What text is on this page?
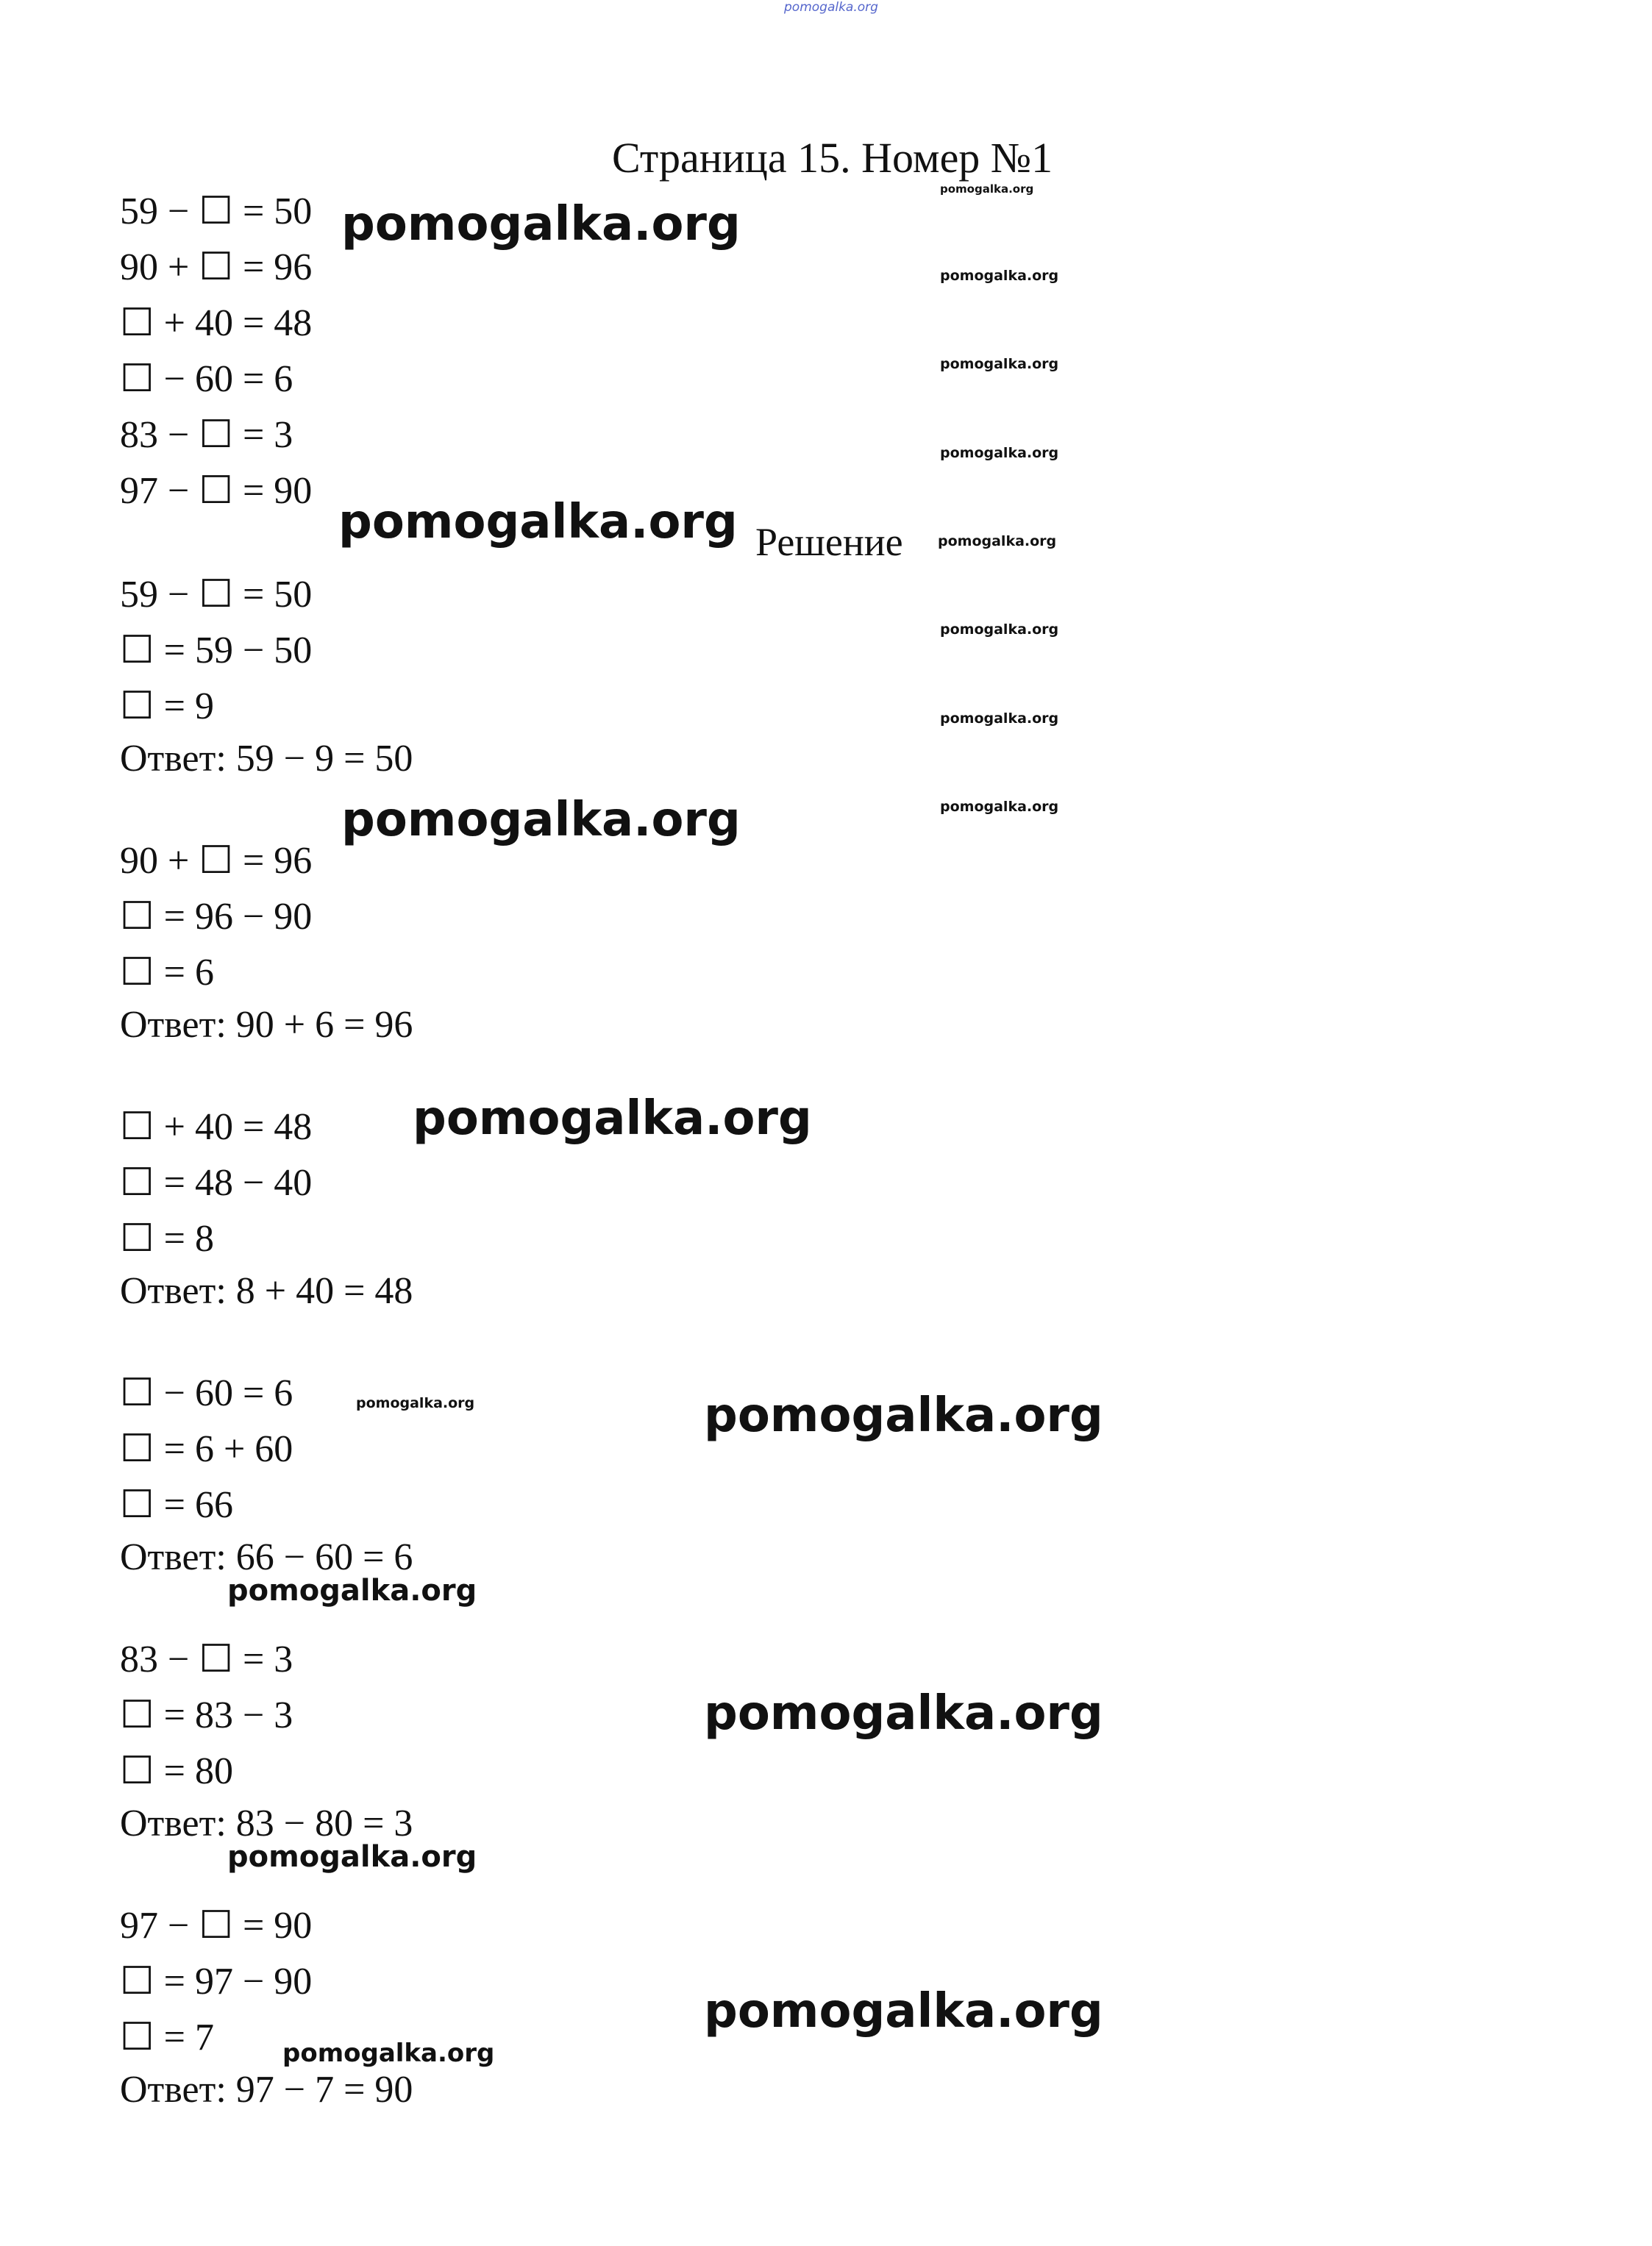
pomogalka.org
Страница 15. Номер №1
59 − ☐ = 50
90 + ☐ = 96
☐ + 40 = 48
☐ − 60 = 6
83 − ☐ = 3
97 − ☐ = 90
Решение
59 − ☐ = 50
☐ = 59 − 50
☐ = 9
Ответ: 59 − 9 = 50
90 + ☐ = 96
☐ = 96 − 90
☐ = 6
Ответ: 90 + 6 = 96
☐ + 40 = 48
☐ = 48 − 40
☐ = 8
Ответ: 8 + 40 = 48
☐ − 60 = 6
☐ = 6 + 60
☐ = 66
Ответ: 66 − 60 = 6
83 − ☐ = 3
☐ = 83 − 3
☐ = 80
Ответ: 83 − 80 = 3
97 − ☐ = 90
☐ = 97 − 90
☐ = 7
Ответ: 97 − 7 = 90
pomogalka.org
pomogalka.org
pomogalka.org
pomogalka.org
pomogalka.org
pomogalka.org
pomogalka.org
pomogalka.org
pomogalka.org
pomogalka.org
pomogalka.org
pomogalka.org
pomogalka.org
pomogalka.org
pomogalka.org
pomogalka.org
pomogalka.org
pomogalka.org
pomogalka.org
